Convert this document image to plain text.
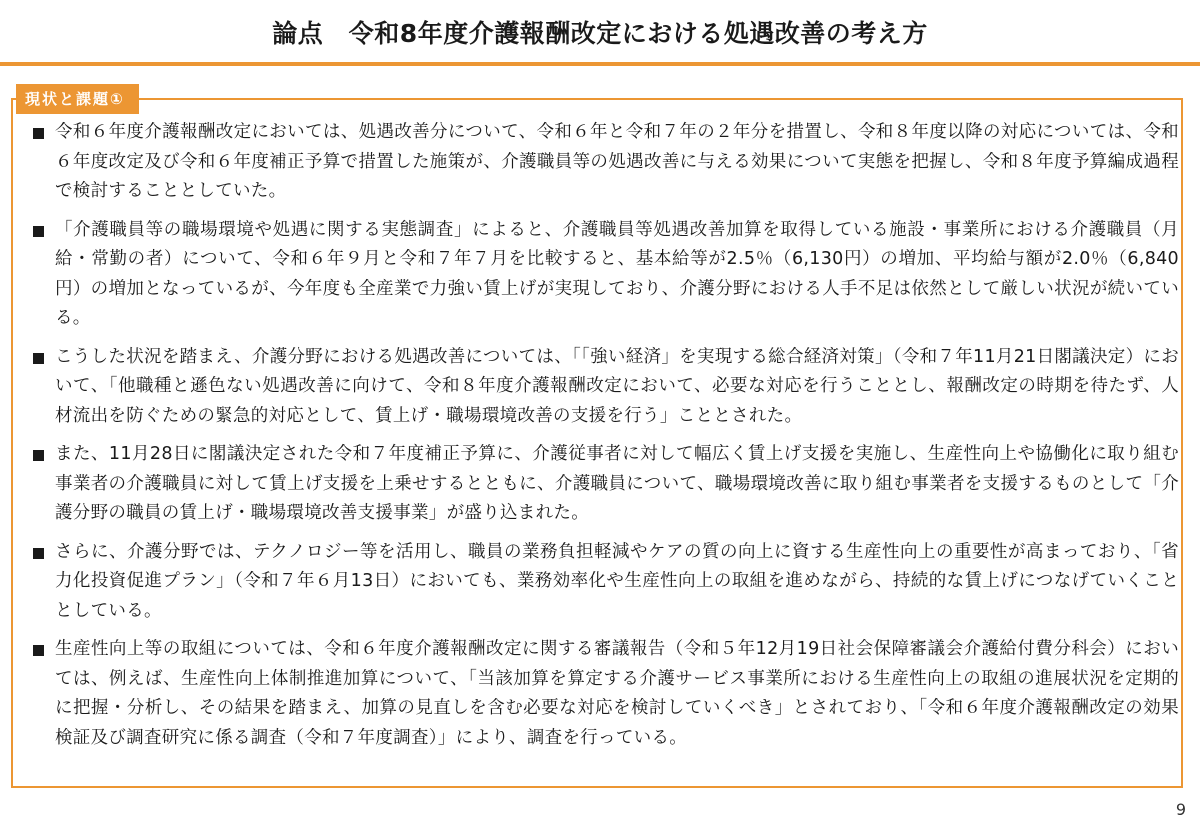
論点　令和8年度介護報酬改定における処遇改善の考え方
現状と課題①
令和６年度介護報酬改定においては、処遇改善分について、令和６年と令和７年の２年分を措置し、令和８年度以降の対応については、令和６年度改定及び令和６年度補正予算で措置した施策が、介護職員等の処遇改善に与える効果について実態を把握し、令和８年度予算編成過程で検討することとしていた。
「介護職員等の職場環境や処遇に関する実態調査」によると、介護職員等処遇改善加算を取得している施設・事業所における介護職員（月給・常勤の者）について、令和６年９月と令和７年７月を比較すると、基本給等が2.5％（6,130円）の増加、平均給与額が2.0％（6,840円）の増加となっているが、今年度も全産業で力強い賃上げが実現しており、介護分野における人手不足は依然として厳しい状況が続いている。
こうした状況を踏まえ、介護分野における処遇改善については、「「強い経済」を実現する総合経済対策」（令和７年11月21日閣議決定）において、「他職種と遜色ない処遇改善に向けて、令和８年度介護報酬改定において、必要な対応を行うこととし、報酬改定の時期を待たず、人材流出を防ぐための緊急的対応として、賃上げ・職場環境改善の支援を行う」こととされた。
また、11月28日に閣議決定された令和７年度補正予算に、介護従事者に対して幅広く賃上げ支援を実施し、生産性向上や協働化に取り組む事業者の介護職員に対して賃上げ支援を上乗せするとともに、介護職員について、職場環境改善に取り組む事業者を支援するものとして「介護分野の職員の賃上げ・職場環境改善支援事業」が盛り込まれた。
さらに、介護分野では、テクノロジー等を活用し、職員の業務負担軽減やケアの質の向上に資する生産性向上の重要性が高まっており、「省力化投資促進プラン」（令和７年６月13日）においても、業務効率化や生産性向上の取組を進めながら、持続的な賃上げにつなげていくこととしている。
生産性向上等の取組については、令和６年度介護報酬改定に関する審議報告（令和５年12月19日社会保障審議会介護給付費分科会）においては、例えば、生産性向上体制推進加算について、「当該加算を算定する介護サービス事業所における生産性向上の取組の進展状況を定期的に把握・分析し、その結果を踏まえ、加算の見直しを含む必要な対応を検討していくべき」とされており、「令和６年度介護報酬改定の効果検証及び調査研究に係る調査（令和７年度調査）」により、調査を行っている。
9
